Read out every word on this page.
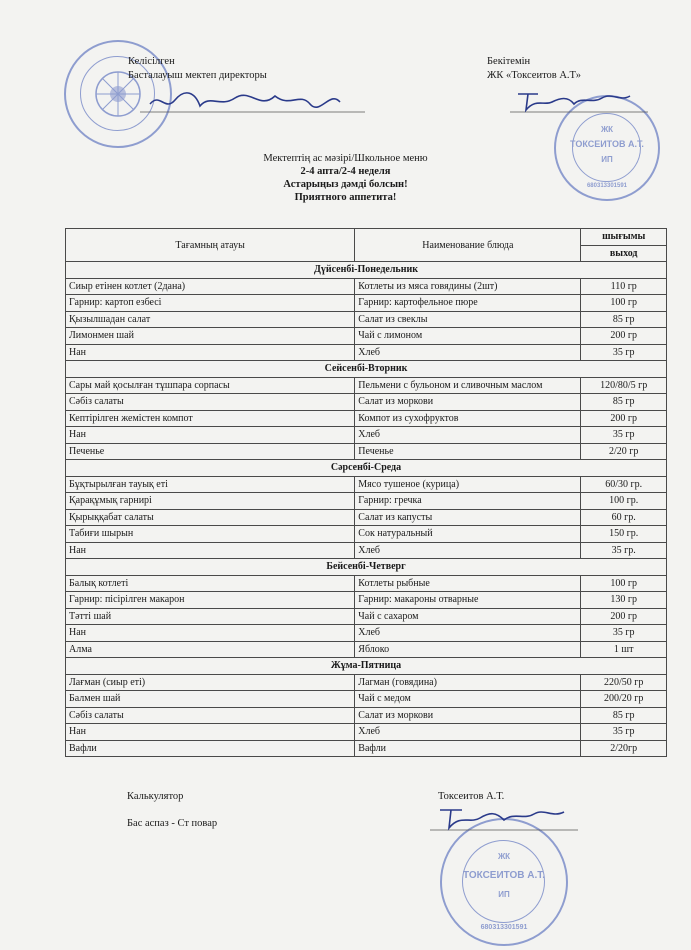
ЖК
ТОКСЕИТОВ А.Т.
ИП
680313301591
ЖК
ТОКСЕИТОВ А.Т.
ИП
680313301591
Келісілген
Басталауыш мектеп директоры
Бекітемін
ЖК «Токсеитов А.Т»
Мектептің ас мәзірі/Школьное меню
2-4 апта/2-4 неделя
Астарыңыз дәмді болсын!
Приятного аппетита!
Тағамның атауы	Наименование блюда	шығымы
		выход
Дүйсенбі-Понедельник		
Сиыр етінен котлет (2дана)	Котлеты из мяса говядины (2шт)	110 гр
Гарнир: картоп езбесі	Гарнир: картофельное пюре	100 гр
Қызылшадан салат	Салат из свеклы	85 гр
Лимонмен шай	Чай с лимоном	200 гр
Нан	Хлеб	35 гр
Сейсенбі-Вторник		
Сары май қосылған тұшпара сорпасы	Пельмени с бульоном и сливочным маслом	120/80/5 гр
Сәбіз салаты	Салат из моркови	85 гр
Кептірілген жемістен компот	Компот из сухофруктов	200 гр
Нан	Хлеб	35 гр
Печенье	Печенье	2/20 гр
Сәрсенбі-Среда		
Бұқтырылған тауық еті	Мясо тушеное (курица)	60/30 гр.
Қарақұмық гарнирі	Гарнир: гречка	100 гр.
Қырыққабат салаты	Салат из капусты	60 гр.
Табиғи шырын	Сок натуральный	150 гр.
Нан	Хлеб	35 гр.
Бейсенбі-Четверг		
Балық котлеті	Котлеты рыбные	100 гр
Гарнир: пісірілген макарон	Гарнир: макароны отварные	130 гр
Тәтті шай	Чай с сахаром	200 гр
Нан	Хлеб	35 гр
Алма	Яблоко	1 шт
Жұма-Пятница		
Лағман (сиыр еті)	Лагман (говядина)	220/50 гр
Балмен шай	Чай с медом	200/20 гр
Сәбіз салаты	Салат из моркови	85 гр
Нан	Хлеб	35 гр
Вафли	Вафли	2/20гр
Калькулятор	Токсеитов А.Т.
Бас аспаз - Ст повар
